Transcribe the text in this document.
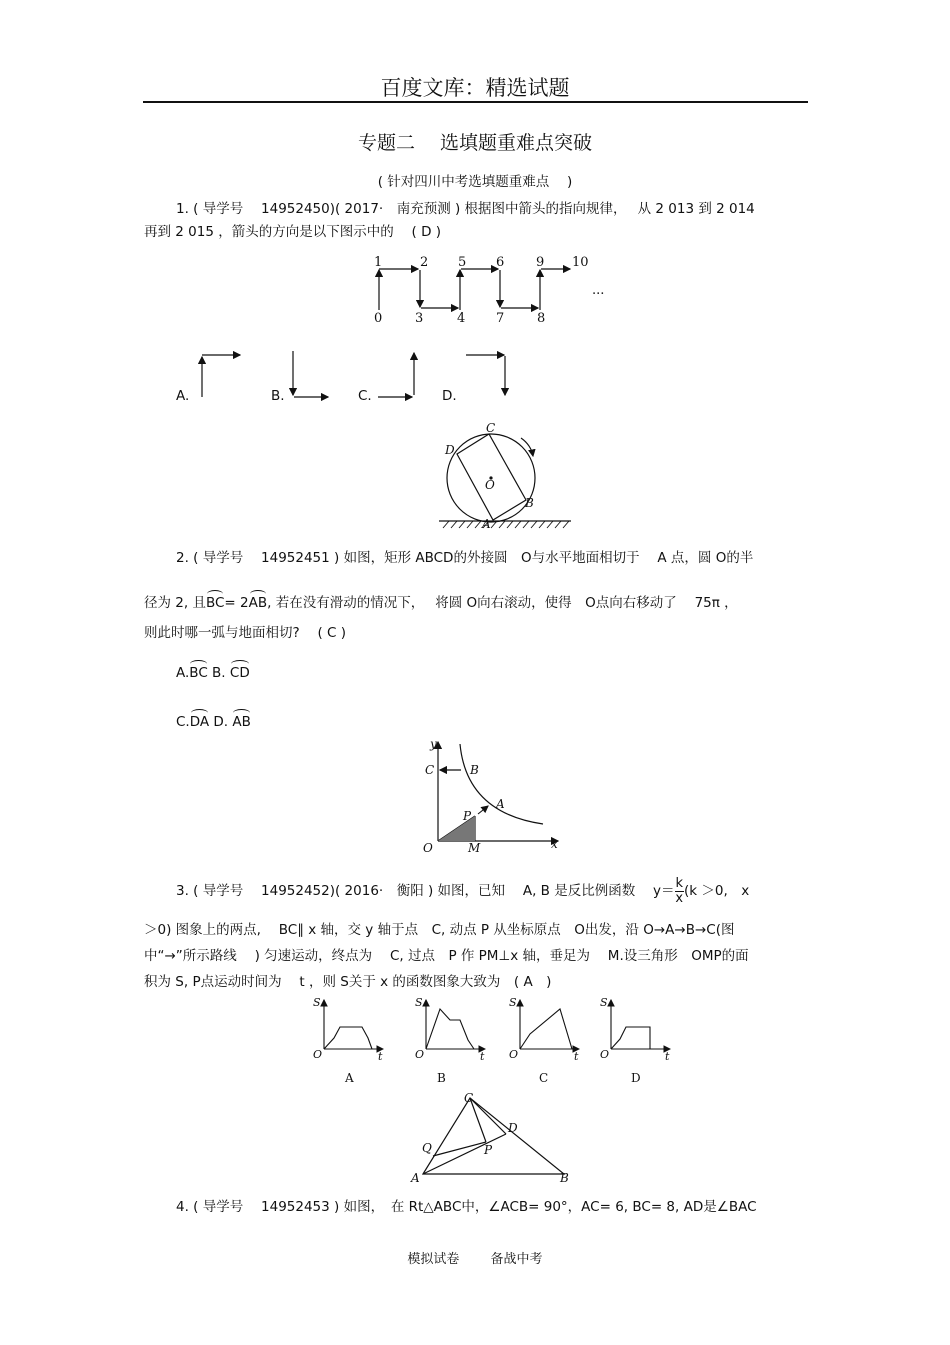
百度文库：精选试题
专题二　 选填题重难点突破
( 针对四川中考选填题重难点　 )
1. ( 导学号　 14952450)( 2017·　南充预测 ) 根据图中箭头的指向规律，　 从 2 013 到 2 014
再到 2 015 ，箭头的方向是以下图示中的　 ( D )
1	2 5 6 9 10
0	3	4 7	8
...
A.	B.	C.	D.
C
D
O
B
A
2. ( 导学号　 14952451 ) 如图，矩形 ABCD的外接圆　O与水平地面相切于　 A 点，圆 O的半
径为 2, 且BC= 2AB, 若在没有滑动的情况下，　 将圆 O向右滚动，使得　O点向右移动了　 75π ，
则此时哪一弧与地面相切?　 ( C )
A.BC B. CD
C.DA D. AB
y
x
C	B
A
P
O	M
3. ( 导学号　 14952452)( 2016·　衡阳 ) 如图，已知　 A, B 是反比例函数　 $y= \frac{k}{x} (k >0$,　x
＞0) 图象上的两点,　 BC∥ x 轴，交 y 轴于点　C, 动点 P 从坐标原点　O出发，沿 O→A→B→C(图
中“→”所示路线　 ) 匀速运动，终点为　 C, 过点　P 作 PM⊥x 轴，垂足为　 M.设三角形　OMP的面
积为 S, P点运动时间为　 t ，则 S关于 x 的函数图象大致为　( A　)
S
O	t
S
O	t
S
O	t
S
O	t
A	B	C	D
C
D
Q	P
A	B
4. ( 导学号　 14952453 ) 如图，　在 Rt△ABC中，∠ACB= 90°，AC= 6, BC= 8, AD是∠BAC
模拟试卷　 备战中考
